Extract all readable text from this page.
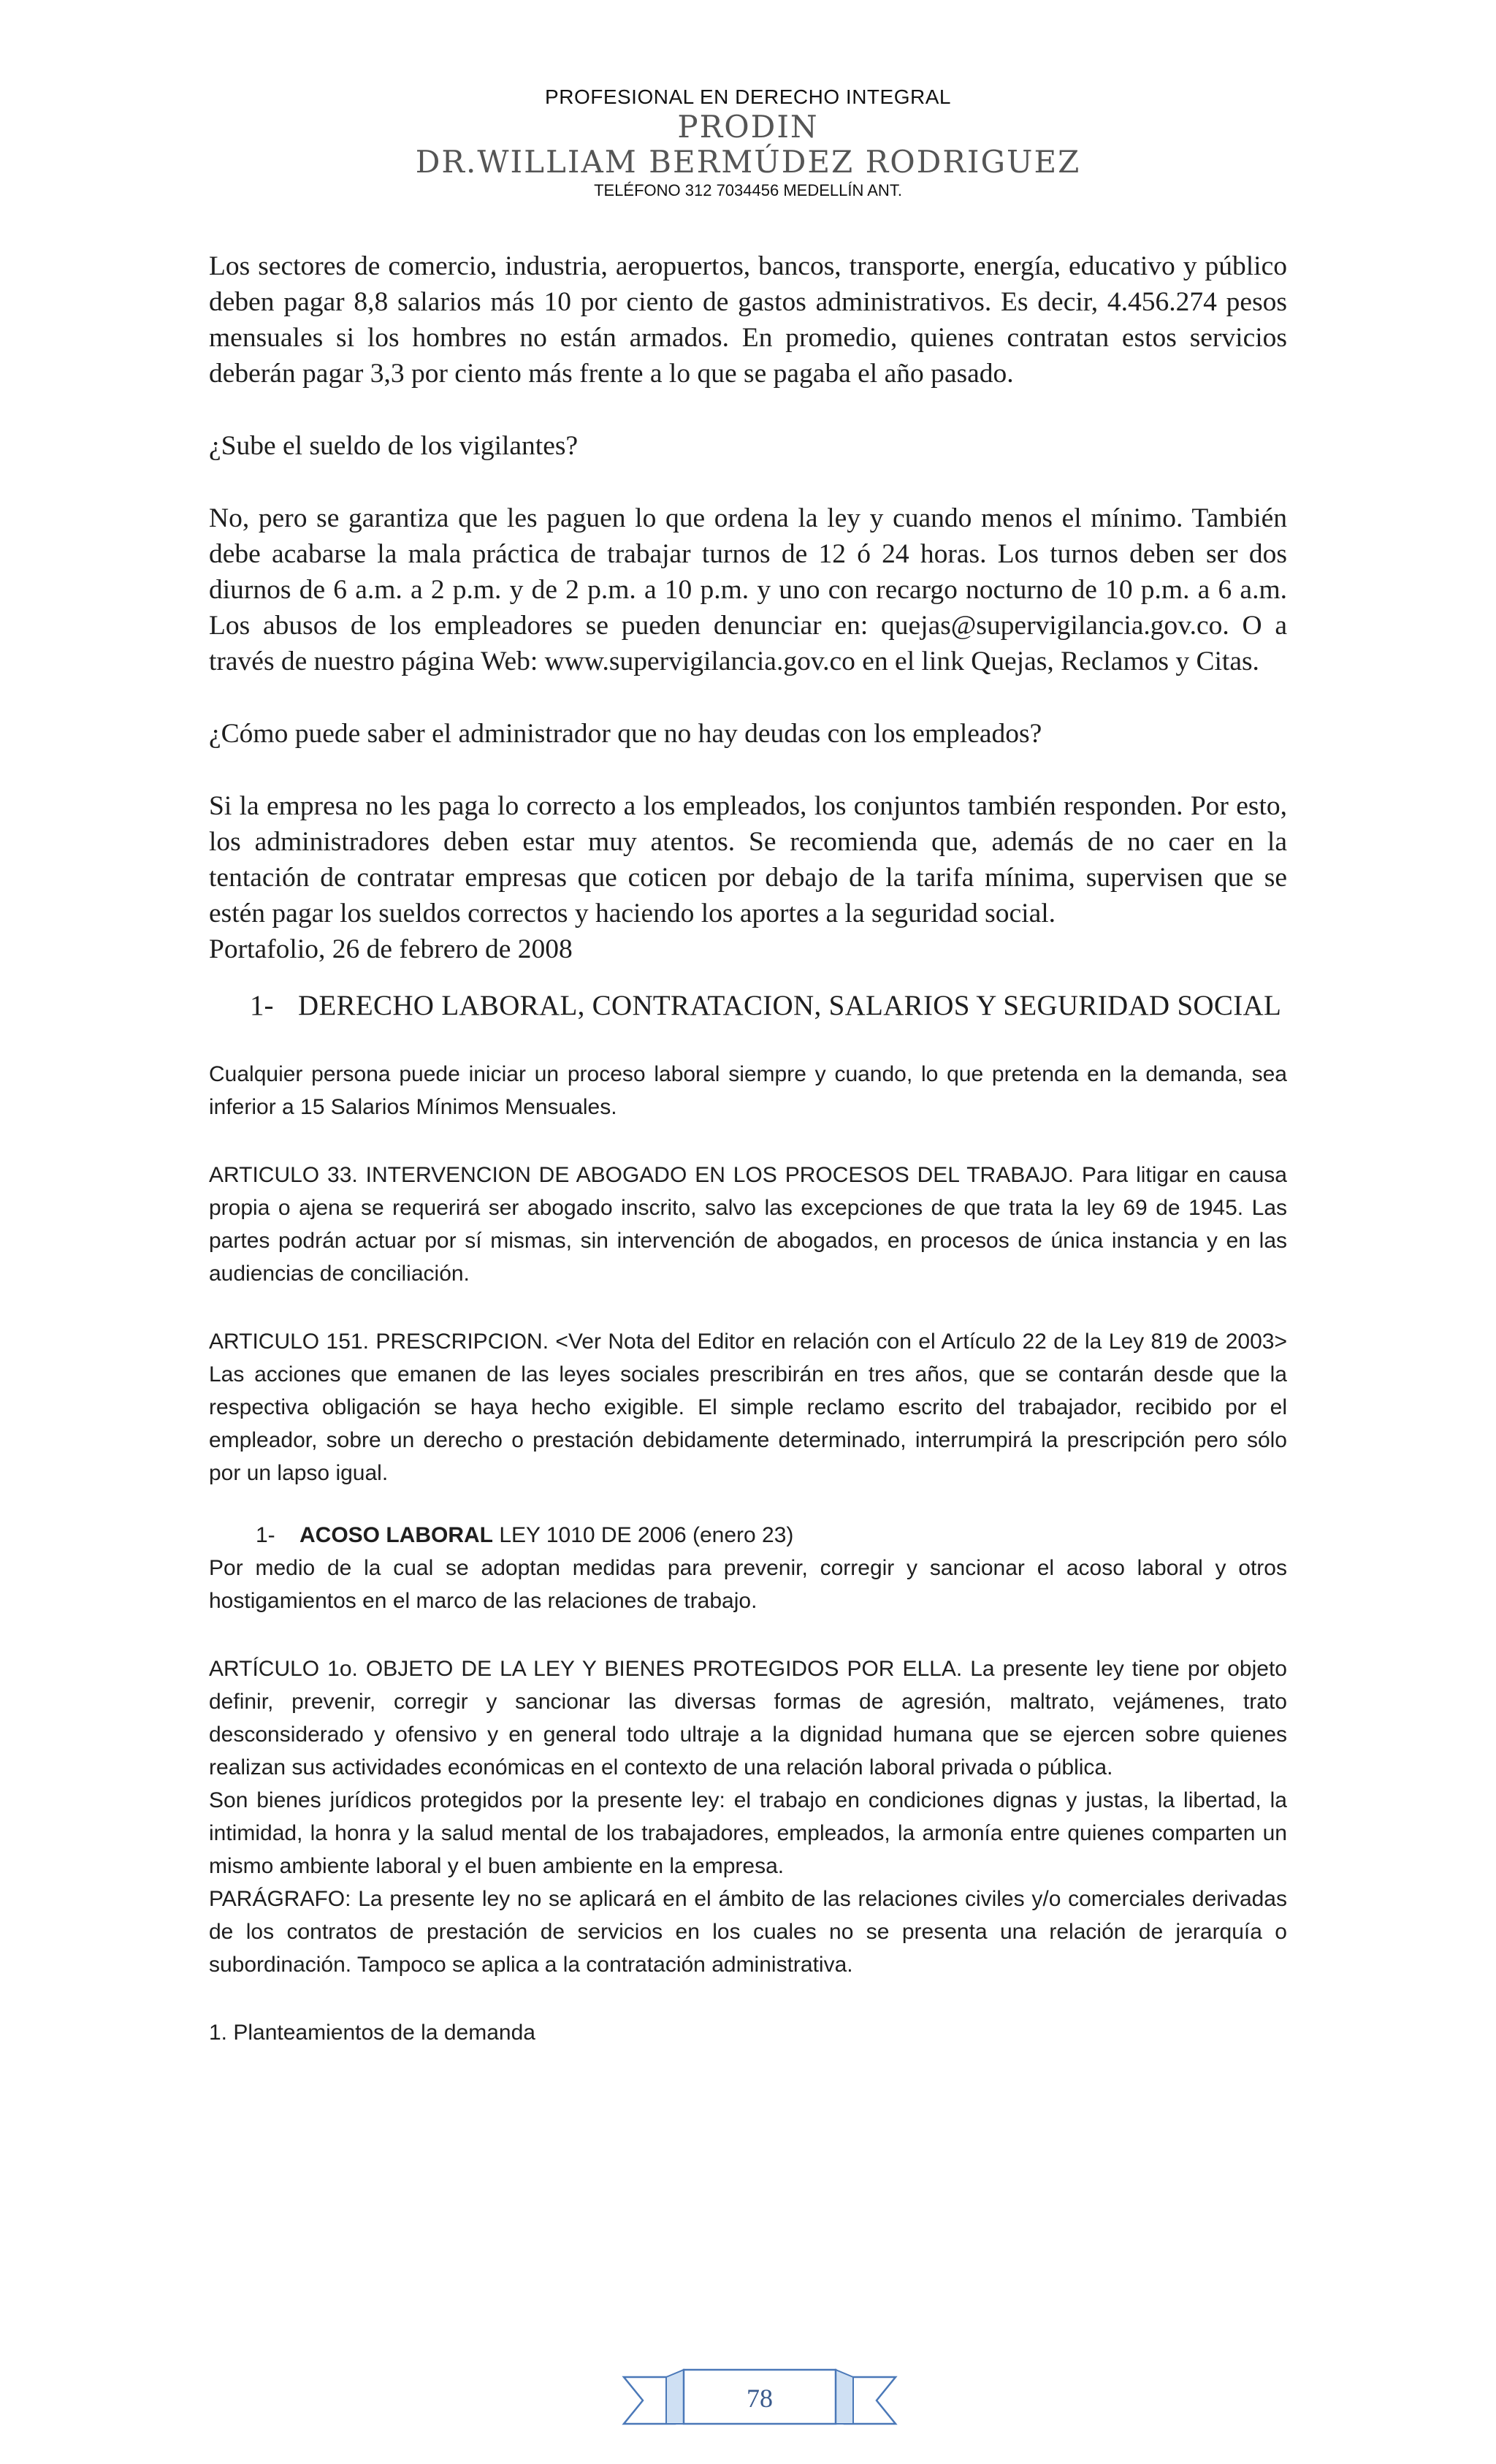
PROFESIONAL EN DERECHO INTEGRAL
PRODIN
DR.WILLIAM BERMÚDEZ RODRIGUEZ
TELÉFONO 312 7034456 MEDELLÍN ANT.

Los sectores de comercio, industria, aeropuertos, bancos, transporte, energía, educativo y público deben pagar 8,8 salarios más 10 por ciento de gastos administrativos. Es decir, 4.456.274 pesos mensuales si los hombres no están armados. En promedio, quienes contratan estos servicios deberán pagar 3,3 por ciento más frente a lo que se pagaba el año pasado.

¿Sube el sueldo de los vigilantes?

No, pero se garantiza que les paguen lo que ordena la ley y cuando menos el mínimo. También debe acabarse la mala práctica de trabajar turnos de 12 ó 24 horas. Los turnos deben ser dos diurnos de 6 a.m. a 2 p.m. y de 2 p.m. a 10 p.m. y uno con recargo nocturno de 10 p.m. a 6 a.m. Los abusos de los empleadores se pueden denunciar en: quejas@supervigilancia.gov.co. O a través de nuestro página Web: www.supervigilancia.gov.co en el link Quejas, Reclamos y Citas.

¿Cómo puede saber el administrador que no hay deudas con los empleados?

Si la empresa no les paga lo correcto a los empleados, los conjuntos también responden. Por esto, los administradores deben estar muy atentos. Se recomienda que, además de no caer en la tentación de contratar empresas que coticen por debajo de la tarifa mínima, supervisen que se estén pagar los sueldos correctos y haciendo los aportes a la seguridad social.

Portafolio, 26 de febrero de 2008

1- DERECHO LABORAL, CONTRATACION, SALARIOS Y SEGURIDAD SOCIAL

Cualquier persona puede iniciar un proceso laboral siempre y cuando, lo que pretenda en la demanda, sea inferior a 15 Salarios Mínimos Mensuales.

ARTICULO 33. INTERVENCION DE ABOGADO EN LOS PROCESOS DEL TRABAJO. Para litigar en causa propia o ajena se requerirá ser abogado inscrito, salvo las excepciones de que trata la ley 69 de 1945. Las partes podrán actuar por sí mismas, sin intervención de abogados, en procesos de única instancia y en las audiencias de conciliación.

ARTICULO 151. PRESCRIPCION. <Ver Nota del Editor en relación con el Artículo 22 de la Ley 819 de 2003> Las acciones que emanen de las leyes sociales prescribirán en tres años, que se contarán desde que la respectiva obligación se haya hecho exigible. El simple reclamo escrito del trabajador, recibido por el empleador, sobre un derecho o prestación debidamente determinado, interrumpirá la prescripción pero sólo por un lapso igual.

1-	ACOSO LABORAL LEY 1010 DE 2006 (enero 23)

Por medio de la cual se adoptan medidas para prevenir, corregir y sancionar el acoso laboral y otros hostigamientos en el marco de las relaciones de trabajo.

ARTÍCULO 1o. OBJETO DE LA LEY Y BIENES PROTEGIDOS POR ELLA. La presente ley tiene por objeto definir, prevenir, corregir y sancionar las diversas formas de agresión, maltrato, vejámenes, trato desconsiderado y ofensivo y en general todo ultraje a la dignidad humana que se ejercen sobre quienes realizan sus actividades económicas en el contexto de una relación laboral privada o pública.

Son bienes jurídicos protegidos por la presente ley: el trabajo en condiciones dignas y justas, la libertad, la intimidad, la honra y la salud mental de los trabajadores, empleados, la armonía entre quienes comparten un mismo ambiente laboral y el buen ambiente en la empresa.

PARÁGRAFO: La presente ley no se aplicará en el ámbito de las relaciones civiles y/o comerciales derivadas de los contratos de prestación de servicios en los cuales no se presenta una relación de jerarquía o subordinación. Tampoco se aplica a la contratación administrativa.

1. Planteamientos de la demanda

78
